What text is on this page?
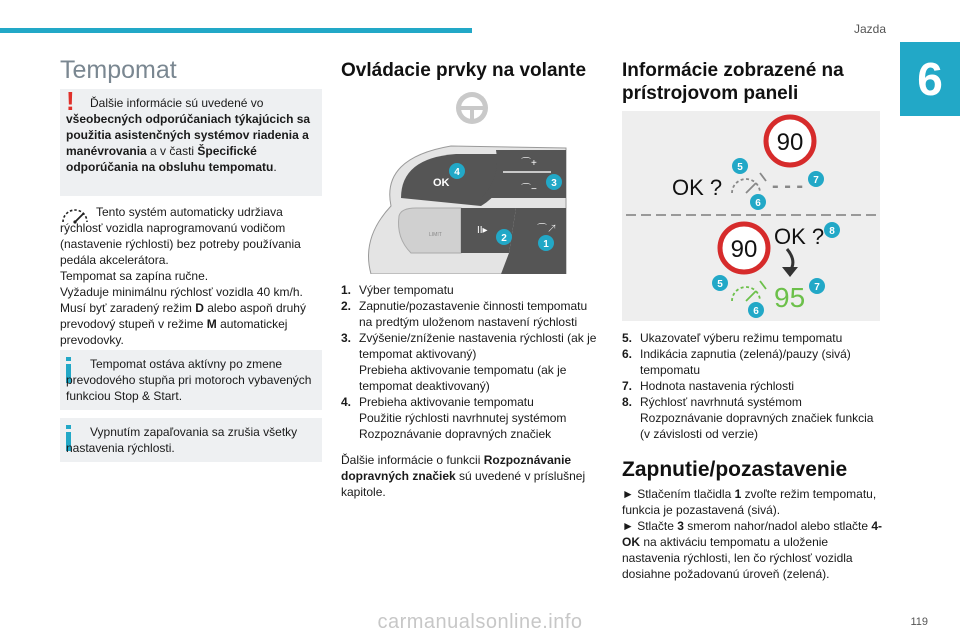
Jazda
6
Tempomat
!	Ďalšie informácie sú uvedené vo všeobecných odporúčaniach týkajúcich sa použitia asistenčných systémov riadenia a manévrovania a v časti Špecifické odporúčania na obsluhu tempomatu.

Tento systém automaticky udržiava rýchlosť vozidla naprogramovanú vodičom (nastavenie rýchlosti) bez potreby používania pedála akcelerátora.

Tempomat sa zapína ručne.

Vyžaduje minimálnu rýchlosť vozidla 40 km/h. Musí byť zaradený režim D alebo aspoň druhý prevodový stupeň v režime M automatickej prevodovky.

Tempomat ostáva aktívny po zmene prevodového stupňa pri motoroch vybavených funkciou Stop & Start.

Vypnutím zapaľovania sa zrušia všetky nastavenia rýchlosti.

Ovládacie prvky na volante
OK
⌒+
⌒−
LIMIT	II▸	⌒↗
4
3
2
1
1. Výber tempomatu
2. Zapnutie/pozastavenie činnosti tempomatu na predtým uloženom nastavení rýchlosti
3. Zvýšenie/zníženie nastavenia rýchlosti (ak je tempomat aktivovaný)
Prebieha aktivovanie tempomatu (ak je tempomat deaktivovaný)
4. Prebieha aktivovanie tempomatu
Použitie rýchlosti navrhnutej systémom Rozpoznávanie dopravných značiek

Ďalšie informácie o funkcii Rozpoznávanie dopravných značiek sú uvedené v príslušnej kapitole.

Informácie zobrazené na prístrojovom paneli
90
OK ? - - -
90 OK ?
95
5
6
7
8
5
6
7
5. Ukazovateľ výberu režimu tempomatu
6. Indikácia zapnutia (zelená)/pauzy (sivá) tempomatu
7. Hodnota nastavenia rýchlosti
8. Rýchlosť navrhnutá systémom Rozpoznávanie dopravných značiek funkcia (v závislosti od verzie)
Zapnutie/pozastavenie

► Stlačením tlačidla 1 zvoľte režim tempomatu, funkcia je pozastavená (sivá).

► Stlačte 3 smerom nahor/nadol alebo stlačte 4-OK na aktiváciu tempomatu a uloženie nastavenia rýchlosti, len čo rýchlosť vozidla dosiahne požadovanú úroveň (zelená).

119
carmanualsonline.info
